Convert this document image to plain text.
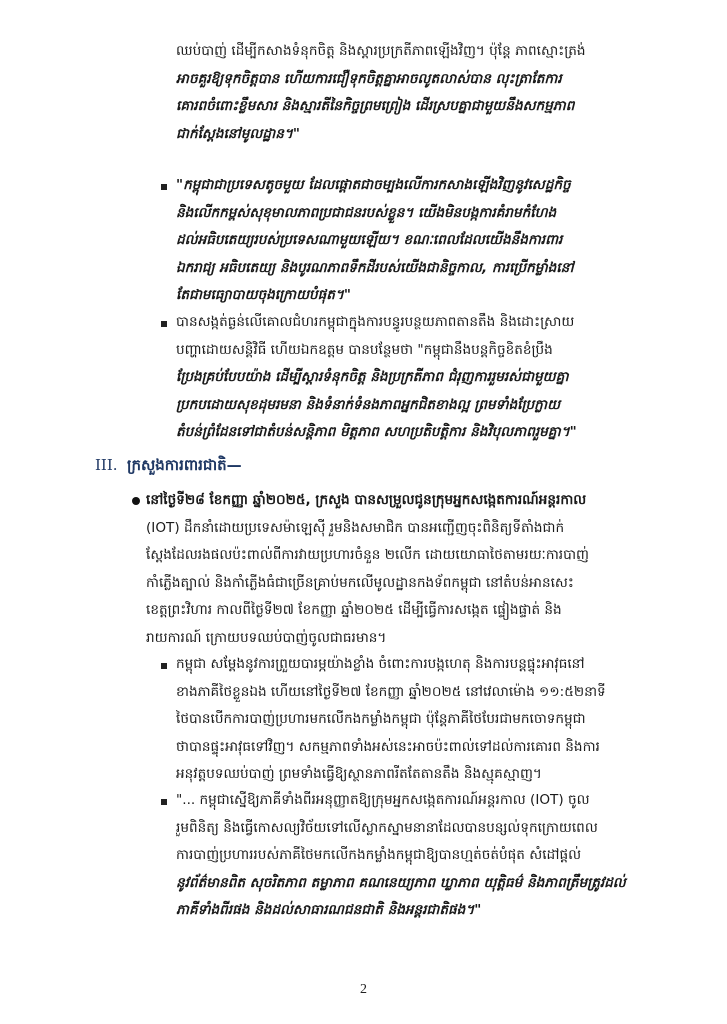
ឈប់បាញ់ ដើម្បីកសាងទំនុកចិត្ត និងស្តារប្រក្រតីភាពឡើងវិញ។ ប៉ុន្តែ ភាពស្មោះត្រង់
អាចគួរឱ្យទុកចិត្តបាន ហើយការជឿទុកចិត្តគ្នាអាចលូតលាស់បាន លុះត្រាតែការ
គោរពចំពោះខ្លឹមសារ និងស្មារតីនៃកិច្ចព្រមព្រៀង ដើរស្របគ្នាជាមួយនឹងសកម្មភាព
ជាក់ស្តែងនៅមូលដ្ឋាន។"
"កម្ពុជាជាប្រទេសតូចមួយ ដែលផ្តោតជាចម្បងលើការកសាងឡើងវិញនូវសេដ្ឋកិច្ច
និងលើកកម្ពស់សុខុមាលភាពប្រជាជនរបស់ខ្លួន។ យើងមិនបង្កការគំរាមកំហែង
ដល់អធិបតេយ្យរបស់ប្រទេសណាមួយឡើយ។ ខណៈពេលដែលយើងនឹងការពារ
ឯករាជ្យ អធិបតេយ្យ និងបូរណភាពទឹកដីរបស់យើងជានិច្ចកាល, ការប្រើកម្លាំងនៅ
តែជាមធ្យោបាយចុងក្រោយបំផុត។"
បានសង្កត់ធ្ងន់លើគោលជំហរកម្ពុជាក្នុងការបន្ធូរបន្ថយភាពតានតឹង និងដោះស្រាយ
បញ្ហាដោយសន្តិវិធី ហើយឯកឧត្តម បានបន្ថែមថា "កម្ពុជានឹងបន្តកិច្ចខិតខំប្រឹង
ប្រែងគ្រប់បែបយ៉ាង ដើម្បីស្តារទំនុកចិត្ត និងប្រក្រតីភាព ជំរុញការរួមរស់ជាមួយគ្នា
ប្រកបដោយសុខដុមរមនា និងទំនាក់ទំនងភាពអ្នកជិតខាងល្អ ព្រមទាំងប្រែក្លាយ
តំបន់ព្រំដែនទៅជាតំបន់សន្តិភាព មិត្តភាព សហប្រតិបត្តិការ និងវិបុលភាពរួមគ្នា។"
III. ក្រសួងការពារជាតិ—
នៅថ្ងៃទី២៨ ខែកញ្ញា ឆ្នាំ២០២៥, ក្រសួង បានសម្រួលជូនក្រុមអ្នកសង្កេតការណ៍អន្តរកាល
(IOT) ដឹកនាំដោយប្រទេសម៉ាឡេស៊ី រួមនិងសមាជិក បានអញ្ជើញចុះពិនិត្យទីតាំងជាក់
ស្តែងដែលរងផលប៉ះពាល់ពីការវាយប្រហារចំនួន ២លើក ដោយយោធាថៃតាមរយៈការបាញ់
កាំភ្លើងត្បាល់ និងកាំភ្លើងធំជាច្រើនគ្រាប់មកលើមូលដ្ឋានកងទ័ពកម្ពុជា នៅតំបន់អានសេះ
ខេត្តព្រះវិហារ កាលពីថ្ងៃទី២៧ ខែកញ្ញា ឆ្នាំ២០២៥ ដើម្បីធ្វើការសង្កេត ផ្ទៀងផ្ទាត់ និង
រាយការណ៍ ក្រោយបទឈប់បាញ់ចូលជាធរមាន។
កម្ពុជា សម្តែងនូវការព្រួយបារម្ភយ៉ាងខ្លាំង ចំពោះការបង្កហេតុ និងការបន្តផ្ទុះអាវុធនៅ
ខាងភាគីថៃខ្លួនឯង ហើយនៅថ្ងៃទី២៧ ខែកញ្ញា ឆ្នាំ២០២៥ នៅវេលាម៉ោង ១១:៥២នាទី
ថៃបានបើកការបាញ់ប្រហារមកលើកងកម្លាំងកម្ពុជា ប៉ុន្តែភាគីថៃបែរជាមកចោទកម្ពុជា
ថាបានផ្ទុះអាវុធទៅវិញ។ សកម្មភាពទាំងអស់នេះអាចប៉ះពាល់ទៅដល់ការគោរព និងការ
អនុវត្តបទឈប់បាញ់ ព្រមទាំងធ្វើឱ្យស្ថានភាពរីតតែតានតឹង និងស្មុគស្មាញ។
"... កម្ពុជាស្នើឱ្យភាគីទាំងពីរអនុញ្ញាតឱ្យក្រុមអ្នកសង្កេតការណ៍អន្តរកាល (IOT) ចូល
រួមពិនិត្យ និងធ្វើកោសល្យវិច័យទៅលើស្លាកស្នាមនានាដែលបានបន្សល់ទុកក្រោយពេល
ការបាញ់ប្រហាររបស់ភាគីថៃមកលើកងកម្លាំងកម្ពុជាឱ្យបានហ្មត់ចត់បំផុត សំដៅផ្តល់
នូវព័ត៌មានពិត សុចរិតភាព តម្លាភាព គណនេយ្យភាព ឃ្លាភាព យុត្តិធម៌ និងភាពត្រឹមត្រូវដល់
ភាគីទាំងពីរផង និងដល់សាធារណជនជាតិ និងអន្តរជាតិផង។"
2
